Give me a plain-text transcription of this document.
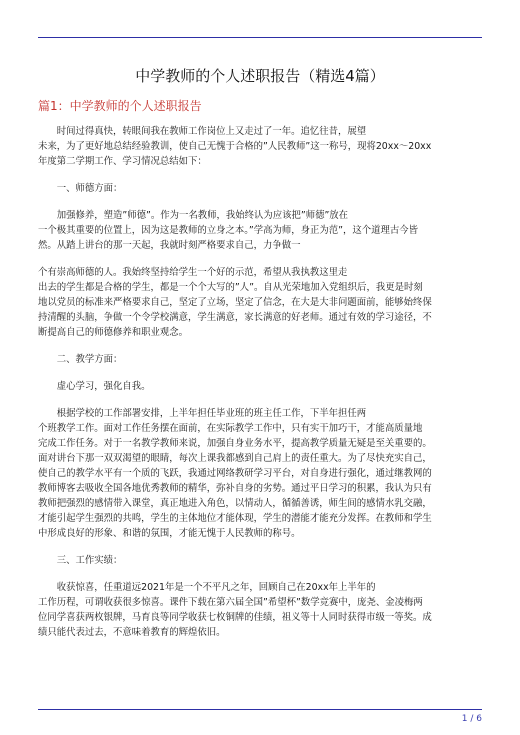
中学教师的个人述职报告（精选4篇）
篇1：中学教师的个人述职报告
　　时间过得真快，转眼间我在教师工作岗位上又走过了一年。追忆往昔，展望
未来，为了更好地总结经验教训，使自己无愧于合格的”人民教师”这一称号，现将20xx～20xx
年度第二学期工作、学习情况总结如下：
　　一、师德方面：
　　加强修养，塑造”师德”。作为一名教师，我始终认为应该把”师德”放在
一个极其重要的位置上，因为这是教师的立身之本。”学高为师，身正为范”，这个道理古今皆
然。从踏上讲台的那一天起，我就时刻严格要求自己，力争做一
个有崇高师德的人。我始终坚持给学生一个好的示范，希望从我执教这里走
出去的学生都是合格的学生，都是一个个大写的”人”。自从光荣地加入党组织后，我更是时刻
地以党员的标准来严格要求自己，坚定了立场，坚定了信念，在大是大非问题面前，能够始终保
持清醒的头脑，争做一个令学校满意，学生满意，家长满意的好老师。通过有效的学习途径，不
断提高自己的师德修养和职业观念。
　　二、教学方面：
　　虚心学习，强化自我。
　　根据学校的工作部署安排，上半年担任毕业班的班主任工作，下半年担任两
个班教学工作。面对工作任务摆在面前，在实际教学工作中，只有实干加巧干，才能高质量地
完成工作任务。对于一名教学教师来说，加强自身业务水平，提高教学质量无疑是至关重要的。
面对讲台下那一双双渴望的眼睛，每次上课我都感到自己肩上的责任重大。为了尽快充实自己，
使自己的教学水平有一个质的飞跃，我通过网络教研学习平台，对自身进行强化，通过继教网的
教师博客去吸收全国各地优秀教师的精华，弥补自身的劣势。通过平日学习的积累，我认为只有
教师把强烈的感情带入课堂，真正地进入角色，以情动人，循循善诱，师生间的感情水乳交融，
才能引起学生强烈的共鸣，学生的主体地位才能体现，学生的潜能才能充分发挥。在教师和学生
中形成良好的形象、和谐的氛围，才能无愧于人民教师的称号。
　　三、工作实绩：
　　收获惊喜，任重道远2021年是一个不平凡之年，回顾自己在20xx年上半年的
工作历程，可谓收获很多惊喜。课件下载在第六届全国”希望杯”数学竞赛中，庞尧、金凌梅两
位同学喜获两枚银牌，马育良等同学收获七枚铜牌的佳绩，祖义等十人同时获得市级一等奖。成
绩只能代表过去，不意味着教育的辉煌依旧。
1 / 6
